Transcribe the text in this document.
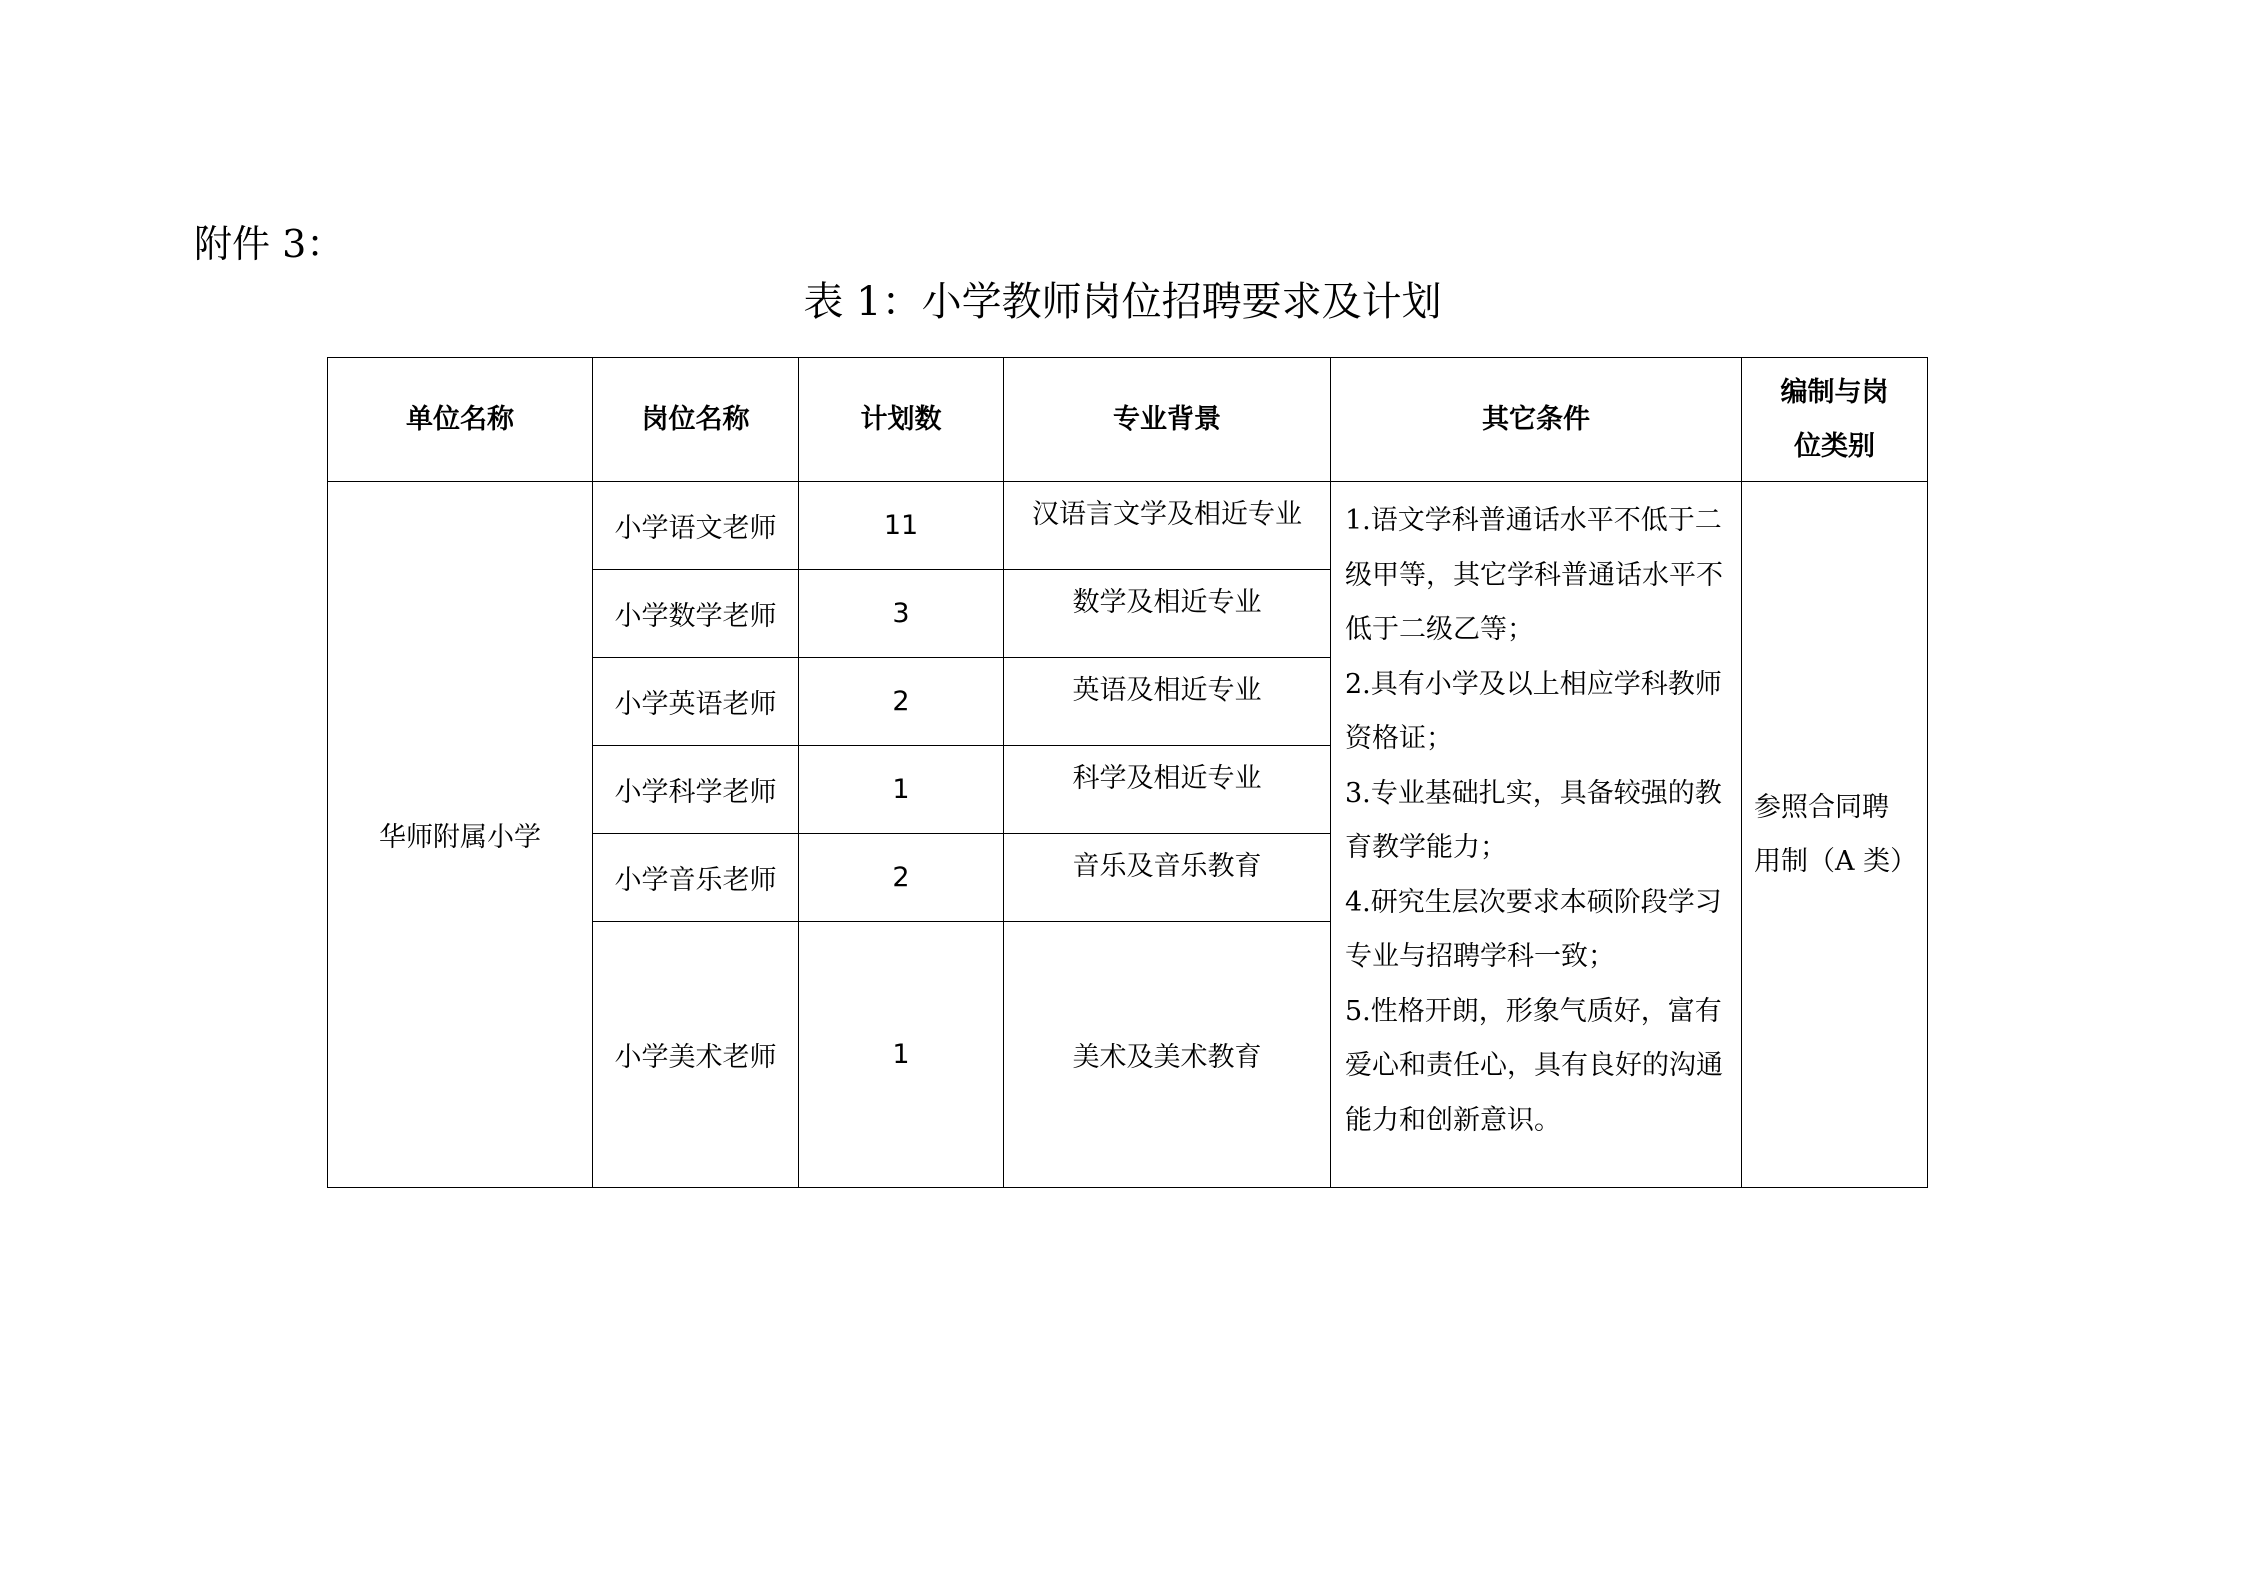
附件 3：
表 1：小学教师岗位招聘要求及计划
单位名称	岗位名称	计划数	专业背景	其它条件	编制与岗位类别
华师附属小学	小学语文老师	11	汉语言文学及相近专业	1.语文学科普通话水平不低于二级甲等，其它学科普通话水平不低于二级乙等；
2.具有小学及以上相应学科教师资格证；
3.专业基础扎实，具备较强的教育教学能力；
4.研究生层次要求本硕阶段学习专业与招聘学科一致；
5.性格开朗，形象气质好，富有爱心和责任心，具有良好的沟通能力和创新意识。	参照合同聘用制（A 类）
	小学数学老师	3	数学及相近专业		
	小学英语老师	2	英语及相近专业		
	小学科学老师	1	科学及相近专业		
	小学音乐老师	2	音乐及音乐教育		
	小学美术老师	1	美术及美术教育		
